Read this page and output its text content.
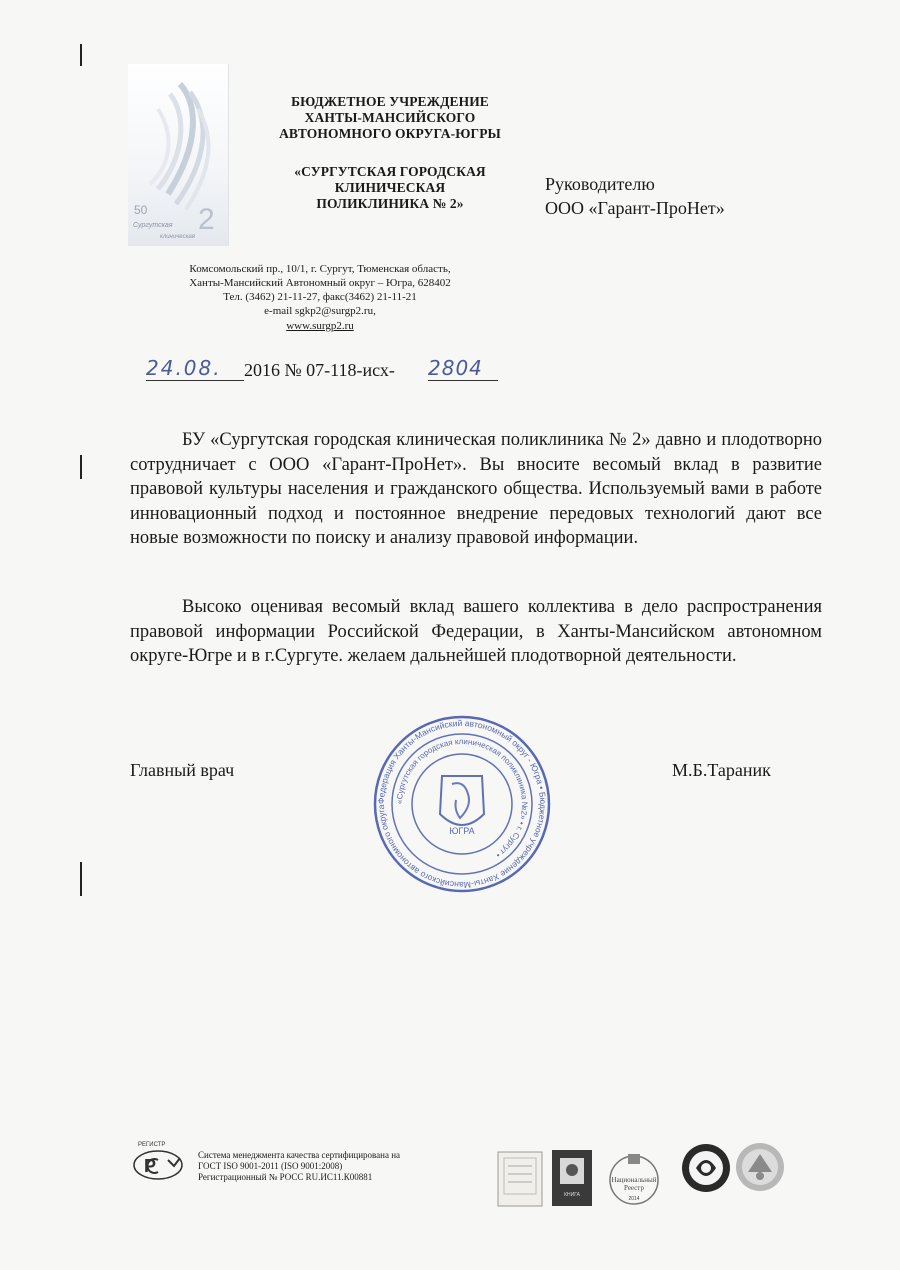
50 2
Сургутская
клиническая
БЮДЖЕТНОЕ УЧРЕЖДЕНИЕ
ХАНТЫ-МАНСИЙСКОГО
АВТОНОМНОГО ОКРУГА-ЮГРЫ
«СУРГУТСКАЯ ГОРОДСКАЯ
КЛИНИЧЕСКАЯ
ПОЛИКЛИНИКА № 2»
Комсомольский пр., 10/1, г. Сургут, Тюменская область,
Ханты-Мансийский Автономный округ – Югра, 628402
Тел. (3462) 21-11-27, факс(3462) 21-11-21
e-mail sgkp2@surgp2.ru,
www.surgp2.ru
Руководителю
ООО «Гарант-ПроНет»
24.08.	2016 № 07-118-исх- 2804
БУ «Сургутская городская клиническая поликлиника № 2» давно и плодотворно сотрудничает с ООО «Гарант-ПроНет». Вы вносите весомый вклад в развитие правовой культуры населения и гражданского общества. Используемый вами в работе инновационный подход и постоянное внедрение передовых технологий дают все новые возможности по поиску и анализу правовой информации.
Высоко оценивая весомый вклад вашего коллектива в дело распространения правовой информации Российской Федерации, в Ханты-Мансийском автономном округе-Югре и в г.Сургуте. желаем дальнейшей плодотворной деятельности.
Главный врач	М.Б.Тараник
Федерация Ханты-Мансийский автономный округ - Югра • Бюджетное учреждение Ханты-Мансийского автономного округа
«Сургутская городская клиническая поликлиника №2» • г. Сургут •
ЮГРА
РЕГИСТР
Р
Система менеджмента качества сертифицирована на
ГОСТ ISO 9001-2011 (ISO 9001:2008)
Регистрационный № РОСС RU.ИС11.К00881
КНИГА
Национальный
Реестр
2014
